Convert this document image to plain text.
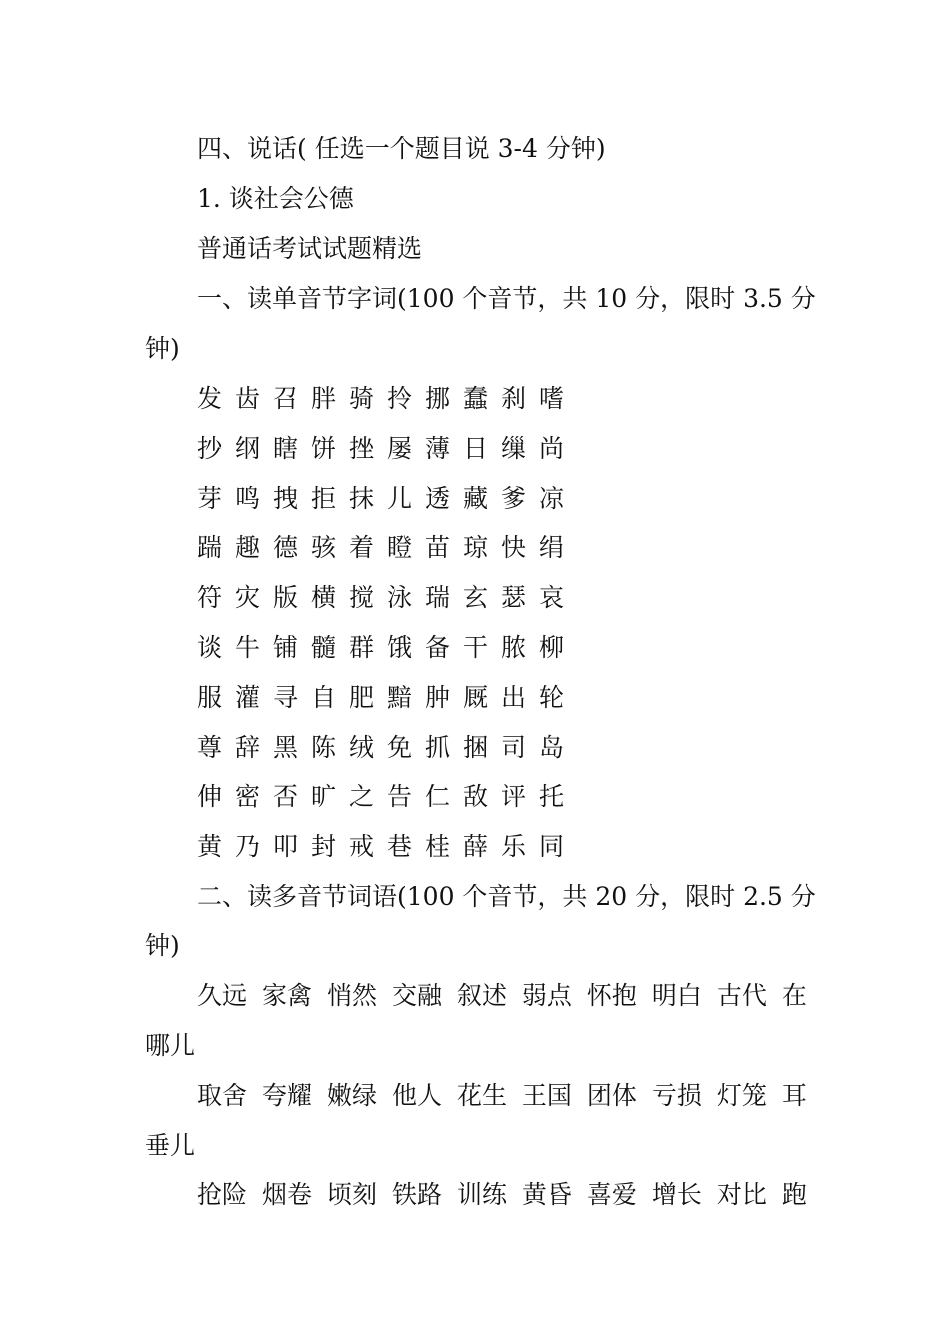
四、说话( 任选一个题目说 3-4 分钟)
1. 谈社会公德
普通话考试试题精选
一、读单音节字词(100 个音节，共 10 分，限时 3.5 分
钟)
发 齿 召 胖 骑 拎 挪 蠢 刹 嗜
抄 纲 瞎 饼 挫 屡 薄 日 缫 尚
芽 鸣 拽 拒 抹 儿 透 藏 爹 凉
踹 趣 德 骇 着 瞪 苗 琼 快 绢
符 灾 版 横 搅 泳 瑞 玄 瑟 哀
谈 牛 铺 髓 群 饿 备 干 脓 柳
服 灌 寻 自 肥 黯 肿 厩 出 轮
尊 辞 黑 陈 绒 免 抓 捆 司 岛
伸 密 否 旷 之 告 仁 敌 评 托
黄 乃 叩 封 戒 巷 桂 薛 乐 同
二、读多音节词语(100 个音节，共 20 分，限时 2.5 分
钟)
久远 家禽 悄然 交融 叙述 弱点 怀抱 明白 古代 在
哪儿
取舍 夸耀 嫩绿 他人 花生 王国 团体 亏损 灯笼 耳
垂儿
抢险 烟卷 顷刻 铁路 训练 黄昏 喜爱 增长 对比 跑
